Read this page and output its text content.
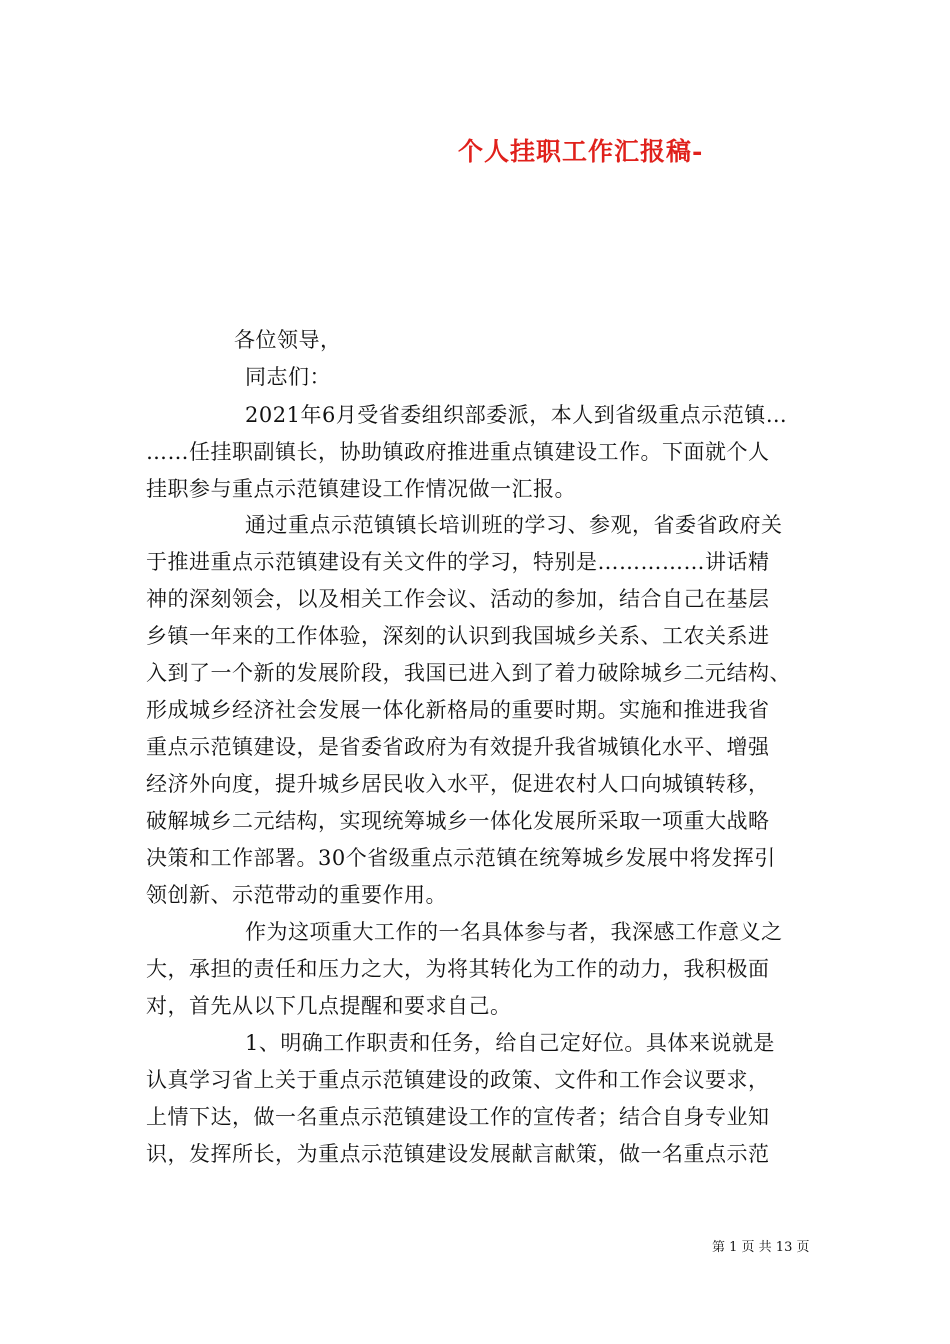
个人挂职工作汇报稿-
各位领导，
同志们：
2021年6月受省委组织部委派，本人到省级重点示范镇…
……任挂职副镇长，协助镇政府推进重点镇建设工作。下面就个人
挂职参与重点示范镇建设工作情况做一汇报。
通过重点示范镇镇长培训班的学习、参观，省委省政府关
于推进重点示范镇建设有关文件的学习，特别是……………讲话精
神的深刻领会，以及相关工作会议、活动的参加，结合自己在基层
乡镇一年来的工作体验，深刻的认识到我国城乡关系、工农关系进
入到了一个新的发展阶段，我国已进入到了着力破除城乡二元结构、
形成城乡经济社会发展一体化新格局的重要时期。实施和推进我省
重点示范镇建设，是省委省政府为有效提升我省城镇化水平、增强
经济外向度，提升城乡居民收入水平，促进农村人口向城镇转移，
破解城乡二元结构，实现统筹城乡一体化发展所采取一项重大战略
决策和工作部署。30个省级重点示范镇在统筹城乡发展中将发挥引
领创新、示范带动的重要作用。
作为这项重大工作的一名具体参与者，我深感工作意义之
大，承担的责任和压力之大，为将其转化为工作的动力，我积极面
对，首先从以下几点提醒和要求自己。
1、明确工作职责和任务，给自己定好位。具体来说就是
认真学习省上关于重点示范镇建设的政策、文件和工作会议要求，
上情下达，做一名重点示范镇建设工作的宣传者；结合自身专业知
识，发挥所长，为重点示范镇建设发展献言献策，做一名重点示范
第 1 页 共 13 页
